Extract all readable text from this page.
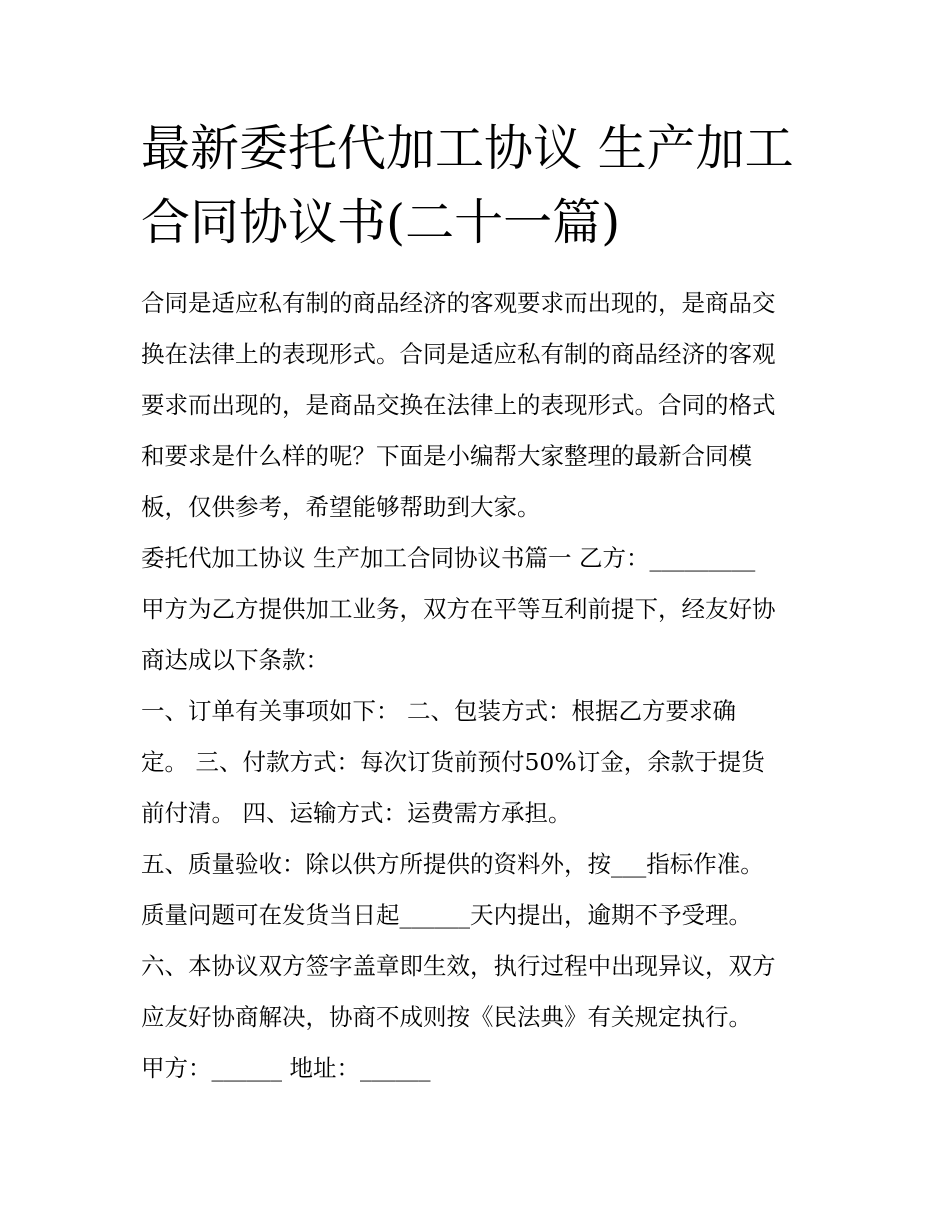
最新委托代加工协议 生产加工
合同协议书(二十一篇)

合同是适应私有制的商品经济的客观要求而出现的，是商品交
换在法律上的表现形式。合同是适应私有制的商品经济的客观
要求而出现的，是商品交换在法律上的表现形式。合同的格式
和要求是什么样的呢？下面是小编帮大家整理的最新合同模
板，仅供参考，希望能够帮助到大家。

委托代加工协议 生产加工合同协议书篇一 乙方：_________
甲方为乙方提供加工业务，双方在平等互利前提下，经友好协
商达成以下条款：

一、订单有关事项如下： 二、包装方式：根据乙方要求确
定。 三、付款方式：每次订货前预付50%订金，余款于提货
前付清。 四、运输方式：运费需方承担。

五、质量验收：除以供方所提供的资料外，按___指标作准。
质量问题可在发货当日起______天内提出，逾期不予受理。

六、本协议双方签字盖章即生效，执行过程中出现异议，双方
应友好协商解决，协商不成则按《民法典》有关规定执行。

甲方：______ 地址：______
